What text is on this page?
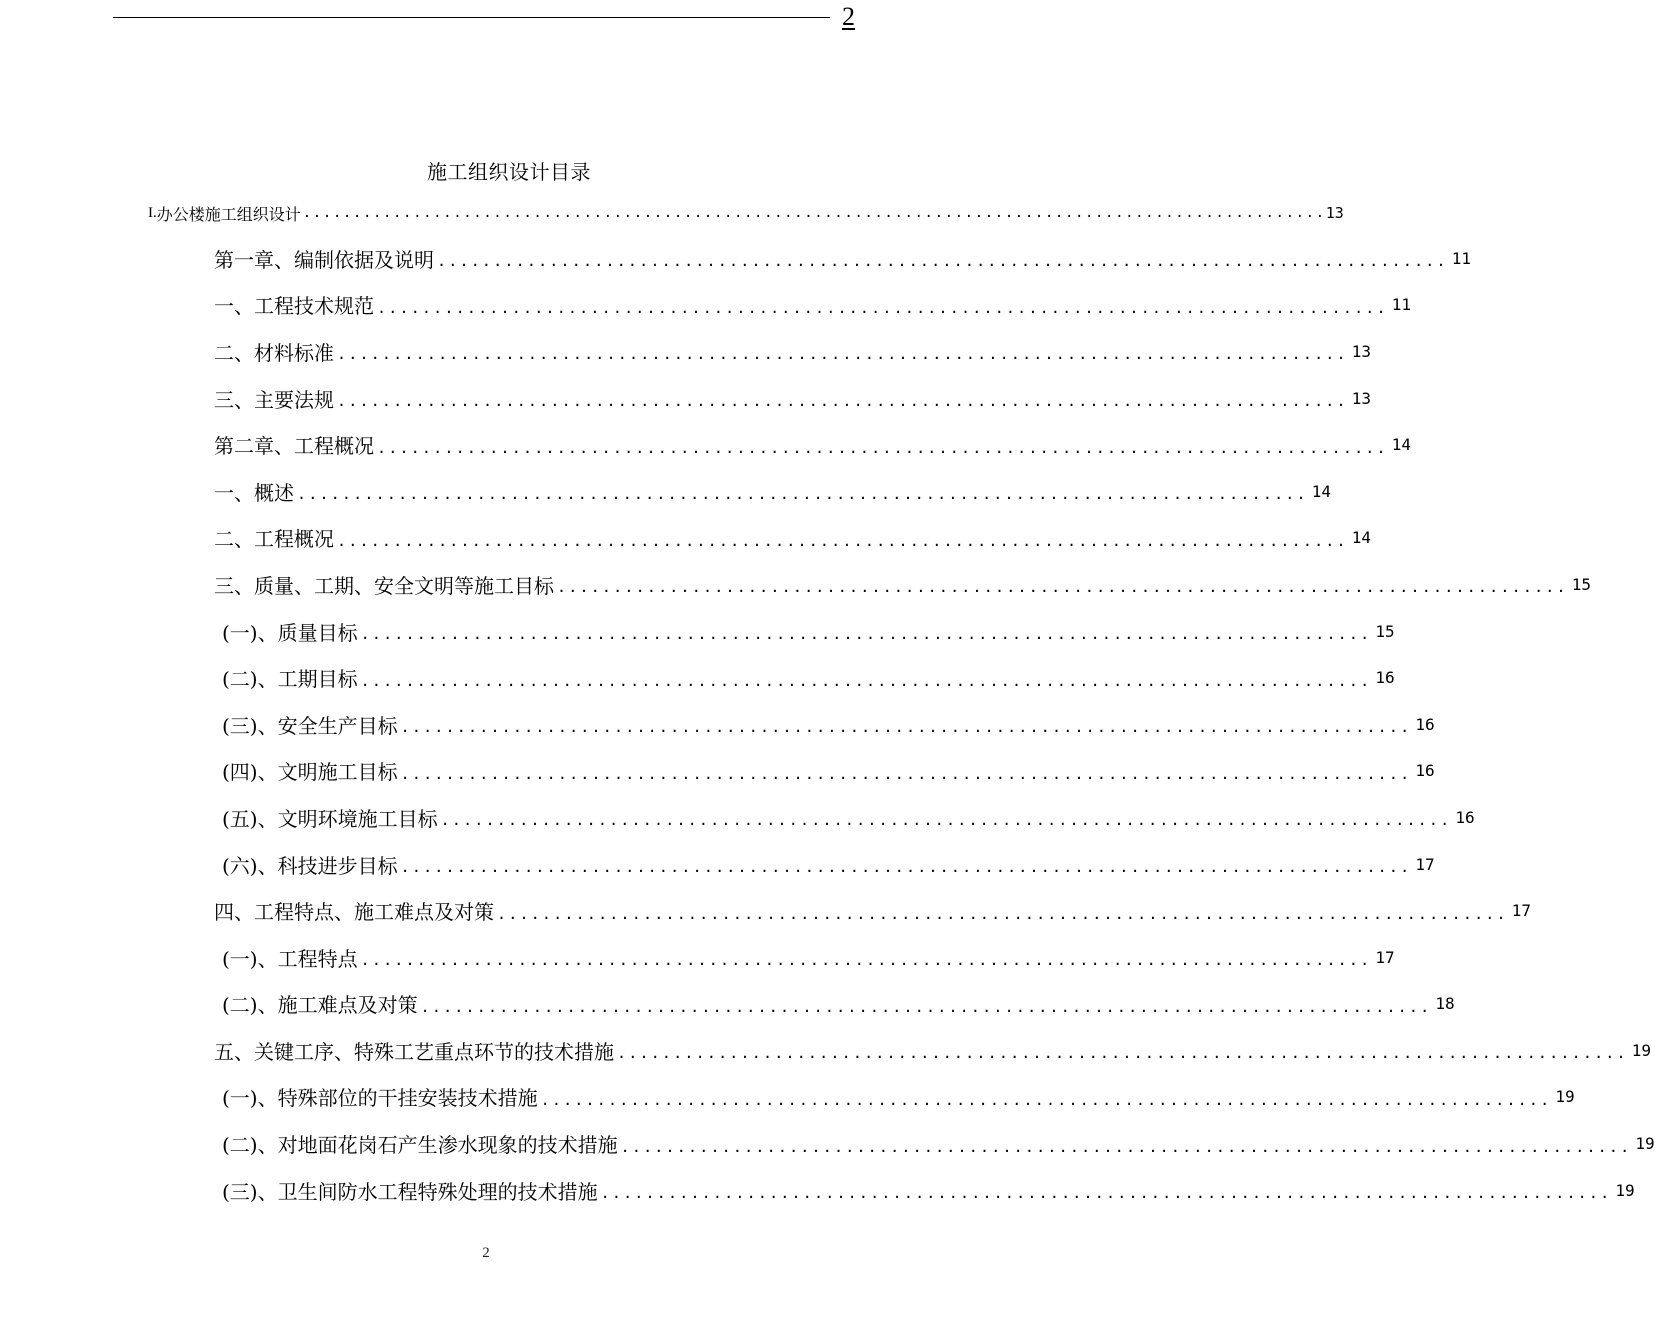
2
施工组织设计目录
I. 办公楼施工组织设计 ...................................................................................................... 13
第一章、编制依据及说明 .......................................................................................... 11
一、工程技术规范 .......................................................................................... 11
二、材料标准 .......................................................................................... 13
三、主要法规 .......................................................................................... 13
第二章、工程概况 .......................................................................................... 14
一、概述 .......................................................................................... 14
二、工程概况 .......................................................................................... 14
三、质量、工期、安全文明等施工目标 .......................................................................................... 15
(一)、质量目标 .......................................................................................... 15
(二)、工期目标 .......................................................................................... 16
(三)、安全生产目标 .......................................................................................... 16
(四)、文明施工目标 .......................................................................................... 16
(五)、文明环境施工目标 .......................................................................................... 16
(六)、科技进步目标 .......................................................................................... 17
四、工程特点、施工难点及对策 .......................................................................................... 17
(一)、工程特点 .......................................................................................... 17
(二)、施工难点及对策 .......................................................................................... 18
五、关键工序、特殊工艺重点环节的技术措施 .......................................................................................... 19
(一)、特殊部位的干挂安装技术措施 .......................................................................................... 19
(二)、对地面花岗石产生渗水现象的技术措施 .......................................................................................... 19
(三)、卫生间防水工程特殊处理的技术措施 .......................................................................................... 19
2
